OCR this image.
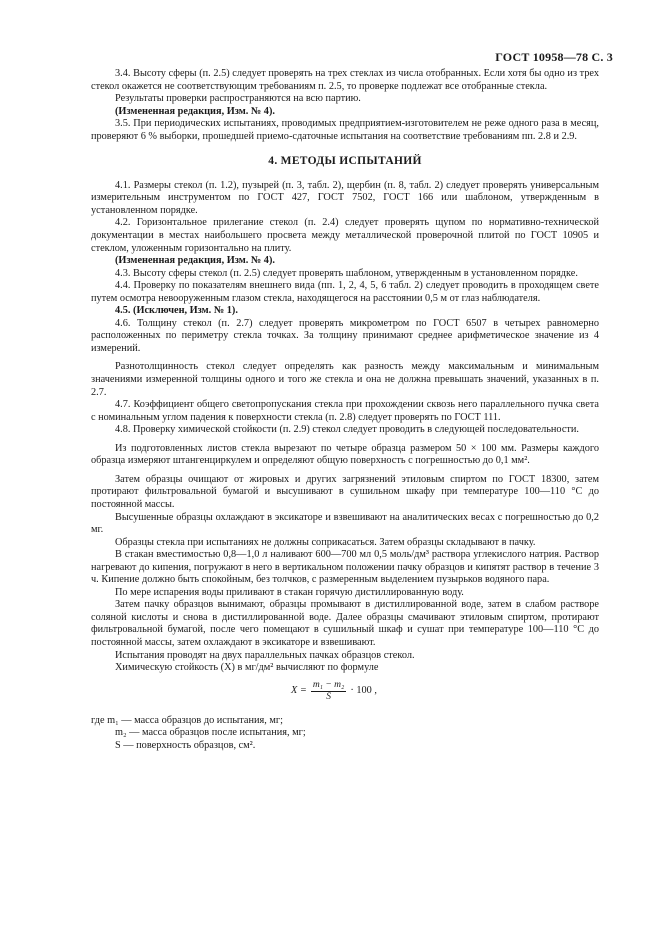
ГОСТ 10958—78 С. 3

3.4. Высоту сферы (п. 2.5) следует проверять на трех стеклах из числа отобранных. Если хотя бы одно из трех стекол окажется не соответствующим требованиям п. 2.5, то проверке подлежат все отобранные стекла.

Результаты проверки распространяются на всю партию.

(Измененная редакция, Изм. № 4).

3.5. При периодических испытаниях, проводимых предприятием-изготовителем не реже одного раза в месяц, проверяют 6 % выборки, прошедшей приемо-сдаточные испытания на соответствие требованиям пп. 2.8 и 2.9.

4. МЕТОДЫ ИСПЫТАНИЙ

4.1. Размеры стекол (п. 1.2), пузырей (п. 3, табл. 2), щербин (п. 8, табл. 2) следует проверять универсальным измерительным инструментом по ГОСТ 427, ГОСТ 7502, ГОСТ 166 или шаблоном, утвержденным в установленном порядке.

4.2. Горизонтальное прилегание стекол (п. 2.4) следует проверять щупом по нормативно-технической документации в местах наибольшего просвета между металлической проверочной плитой по ГОСТ 10905 и стеклом, уложенным горизонтально на плиту.

(Измененная редакция, Изм. № 4).

4.3. Высоту сферы стекол (п. 2.5) следует проверять шаблоном, утвержденным в установленном порядке.

4.4. Проверку по показателям внешнего вида (пп. 1, 2, 4, 5, 6 табл. 2) следует проводить в проходящем свете путем осмотра невооруженным глазом стекла, находящегося на расстоянии 0,5 м от глаз наблюдателя.

4.5. (Исключен, Изм. № 1).

4.6. Толщину стекол (п. 2.7) следует проверять микрометром по ГОСТ 6507 в четырех равномерно расположенных по периметру стекла точках. За толщину принимают среднее арифметическое значение из 4 измерений.

Разнотолщинность стекол следует определять как разность между максимальным и минимальным значениями измеренной толщины одного и того же стекла и она не должна превышать значений, указанных в п. 2.7.

4.7. Коэффициент общего светопропускания стекла при прохождении сквозь него параллельного пучка света с номинальным углом падения к поверхности стекла (п. 2.8) следует проверять по ГОСТ 111.

4.8. Проверку химической стойкости (п. 2.9) стекол следует проводить в следующей последовательности.

Из подготовленных листов стекла вырезают по четыре образца размером 50 × 100 мм. Размеры каждого образца измеряют штангенциркулем и определяют общую поверхность с погрешностью до 0,1 мм².

Затем образцы очищают от жировых и других загрязнений этиловым спиртом по ГОСТ 18300, затем протирают фильтровальной бумагой и высушивают в сушильном шкафу при температуре 100—110 °С до постоянной массы.

Высушенные образцы охлаждают в эксикаторе и взвешивают на аналитических весах с погрешностью до 0,2 мг.

Образцы стекла при испытаниях не должны соприкасаться. Затем образцы складывают в пачку.

В стакан вместимостью 0,8—1,0 л наливают 600—700 мл 0,5 моль/дм³ раствора углекислого натрия. Раствор нагревают до кипения, погружают в него в вертикальном положении пачку образцов и кипятят раствор в течение 3 ч. Кипение должно быть спокойным, без толчков, с размеренным выделением пузырьков водяного пара.

По мере испарения воды приливают в стакан горячую дистиллированную воду.

Затем пачку образцов вынимают, образцы промывают в дистиллированной воде, затем в слабом растворе соляной кислоты и снова в дистиллированной воде. Далее образцы смачивают этиловым спиртом, протирают фильтровальной бумагой, после чего помещают в сушильный шкаф и сушат при температуре 100—110 °С до постоянной массы, затем охлаждают в эксикаторе и взвешивают.

Испытания проводят на двух параллельных пачках образцов стекол.

Химическую стойкость (X) в мг/дм² вычисляют по формуле

$X = \frac{\text{m₁ − m₂}}{S} \cdot 100$ ,

где m₁ — масса образцов до испытания, мг;

m₂ — масса образцов после испытания, мг;

S — поверхность образцов, см².
